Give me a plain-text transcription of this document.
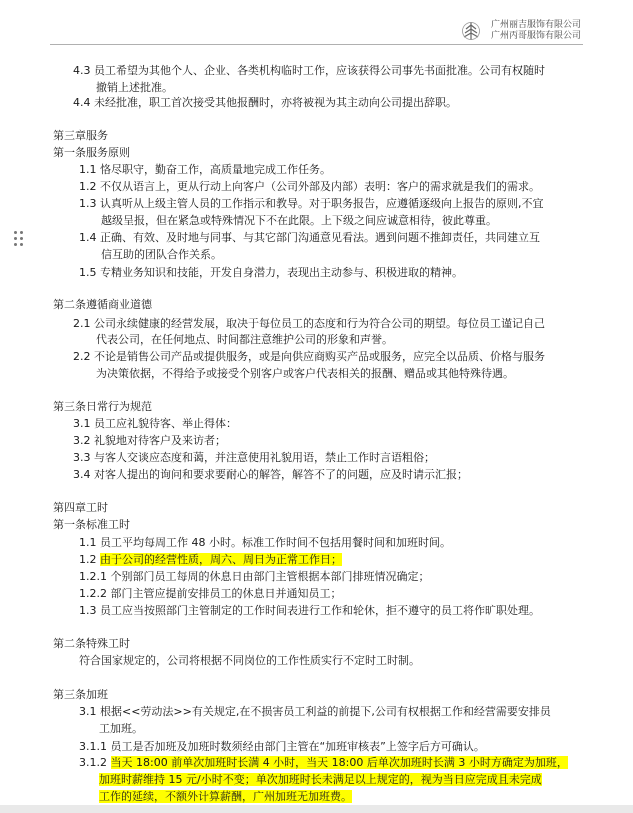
广州丽吉服饰有限公司
广州丙哥服饰有限公司
4.3 员工希望为其他个人、企业、各类机构临时工作，应该获得公司事先书面批准。公司有权随时
撤销上述批准。
4.4 未经批准，职工首次接受其他报酬时，亦将被视为其主动向公司提出辞职。
第三章服务
第一条服务原则
1.1 恪尽职守，勤奋工作，高质量地完成工作任务。
1.2 不仅从语言上，更从行动上向客户（公司外部及内部）表明：客户的需求就是我们的需求。
1.3 认真听从上级主管人员的工作指示和教导。对于职务报告，应遵循逐级向上报告的原则,不宜
越级呈报，但在紧急或特殊情况下不在此限。上下级之间应诚意相待，彼此尊重。
1.4 正确、有效、及时地与同事、与其它部门沟通意见看法。遇到问题不推卸责任，共同建立互
信互助的团队合作关系。
1.5 专精业务知识和技能，开发自身潜力，表现出主动参与、积极进取的精神。
第二条遵循商业道德
2.1 公司永续健康的经营发展，取决于每位员工的态度和行为符合公司的期望。每位员工谨记自己
代表公司，在任何地点、时间都注意维护公司的形象和声誉。
2.2 不论是销售公司产品或提供服务，或是向供应商购买产品或服务，应完全以品质、价格与服务
为决策依据，不得给予或接受个别客户或客户代表相关的报酬、赠品或其他特殊待遇。
第三条日常行为规范
3.1 员工应礼貌待客、举止得体：
3.2 礼貌地对待客户及来访者；
3.3 与客人交谈应态度和蔼，并注意使用礼貌用语，禁止工作时言语粗俗；
3.4 对客人提出的询问和要求要耐心的解答，解答不了的问题，应及时请示汇报；
第四章工时
第一条标准工时
1.1 员工平均每周工作 48 小时。标准工作时间不包括用餐时间和加班时间。
1.2 由于公司的经营性质，周六、周日为正常工作日；
1.2.1 个别部门员工每周的休息日由部门主管根据本部门排班情况确定；
1.2.2 部门主管应提前安排员工的休息日并通知员工；
1.3 员工应当按照部门主管制定的工作时间表进行工作和轮休，拒不遵守的员工将作旷职处理。
第二条特殊工时
符合国家规定的，公司将根据不同岗位的工作性质实行不定时工时制。
第三条加班
3.1 根据<<劳动法>>有关规定,在不损害员工利益的前提下,公司有权根据工作和经营需要安排员
工加班。
3.1.1 员工是否加班及加班时数须经由部门主管在“加班审核表”上签字后方可确认。
3.1.2 当天 18:00 前单次加班时长满 4 小时，当天 18:00 后单次加班时长满 3 小时方确定为加班，
加班时薪维持 15 元/小时不变；单次加班时长未满足以上规定的，视为当日应完成且未完成
工作的延续，不额外计算薪酬，广州加班无加班费。
